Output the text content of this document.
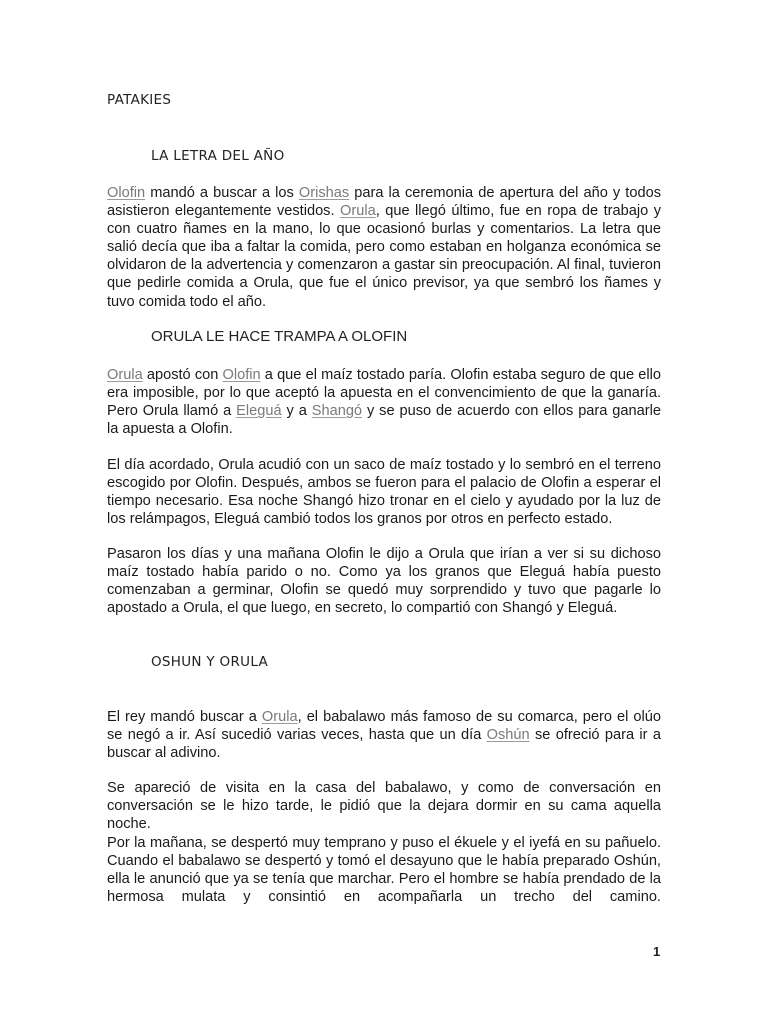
PATAKIES
LA LETRA DEL AÑO

Olofin mandó a buscar a los Orishas para la ceremonia de apertura del año y todos asistieron elegantemente vestidos. Orula, que llegó último, fue en ropa de trabajo y con cuatro ñames en la mano, lo que ocasionó burlas y comentarios. La letra que salió decía que iba a faltar la comida, pero como estaban en holganza económica se olvidaron de la advertencia y comenzaron a gastar sin preocupación. Al final, tuvieron que pedirle comida a Orula, que fue el único previsor, ya que sembró los ñames y tuvo comida todo el año.

ORULA LE HACE TRAMPA A OLOFIN

Orula apostó con Olofin a que el maíz tostado paría. Olofin estaba seguro de que ello era imposible, por lo que aceptó la apuesta en el convencimiento de que la ganaría. Pero Orula llamó a Eleguá y a Shangó y se puso de acuerdo con ellos para ganarle la apuesta a Olofin.

El día acordado, Orula acudió con un saco de maíz tostado y lo sembró en el terreno escogido por Olofin. Después, ambos se fueron para el palacio de Olofin a esperar el tiempo necesario. Esa noche Shangó hizo tronar en el cielo y ayudado por la luz de los relámpagos, Eleguá cambió todos los granos por otros en perfecto estado.

Pasaron los días y una mañana Olofin le dijo a Orula que irían a ver si su dichoso maíz tostado había parido o no. Como ya los granos que Eleguá había puesto comenzaban a germinar, Olofin se quedó muy sorprendido y tuvo que pagarle lo apostado a Orula, el que luego, en secreto, lo compartió con Shangó y Eleguá.

OSHUN Y ORULA

El rey mandó buscar a Orula, el babalawo más famoso de su comarca, pero el olúo se negó a ir. Así sucedió varias veces, hasta que un día Oshún se ofreció para ir a buscar al adivino.

Se apareció de visita en la casa del babalawo, y como de conversación en conversación se le hizo tarde, le pidió que la dejara dormir en su cama aquella noche.

Por la mañana, se despertó muy temprano y puso el ékuele y el iyefá en su pañuelo. Cuando el babalawo se despertó y tomó el desayuno que le había preparado Oshún, ella le anunció que ya se tenía que marchar. Pero el hombre se había prendado de la hermosa mulata y consintió en acompañarla un trecho del camino.

1
